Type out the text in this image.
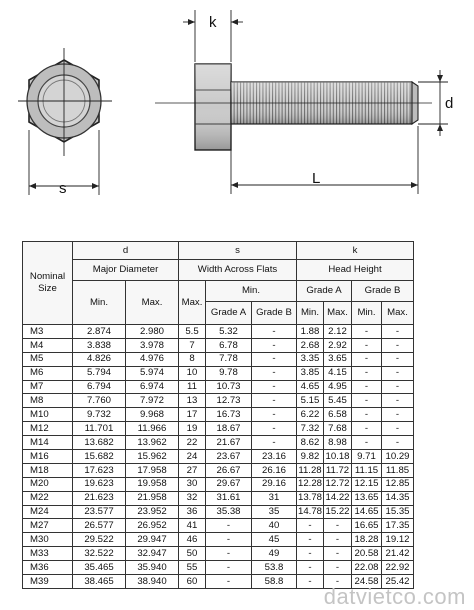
s
k
d
L
Nominal Size	d		s			k			
	Major Diameter		Width Across Flats			Head Height			
	Min.	Max.	Max.	Min.		Grade A		Grade B	
				Grade A	Grade B	Min.	Max.	Min.	Max.
M3	2.874	2.980	5.5	5.32	-	1.88	2.12	-	-
M4	3.838	3.978	7	6.78	-	2.68	2.92	-	-
M5	4.826	4.976	8	7.78	-	3.35	3.65	-	-
M6	5.794	5.974	10	9.78	-	3.85	4.15	-	-
M7	6.794	6.974	11	10.73	-	4.65	4.95	-	-
M8	7.760	7.972	13	12.73	-	5.15	5.45	-	-
M10	9.732	9.968	17	16.73	-	6.22	6.58	-	-
M12	11.701	11.966	19	18.67	-	7.32	7.68	-	-
M14	13.682	13.962	22	21.67	-	8.62	8.98	-	-
M16	15.682	15.962	24	23.67	23.16	9.82	10.18	9.71	10.29
M18	17.623	17.958	27	26.67	26.16	11.28	11.72	11.15	11.85
M20	19.623	19.958	30	29.67	29.16	12.28	12.72	12.15	12.85
M22	21.623	21.958	32	31.61	31	13.78	14.22	13.65	14.35
M24	23.577	23.952	36	35.38	35	14.78	15.22	14.65	15.35
M27	26.577	26.952	41	-	40	-	-	16.65	17.35
M30	29.522	29.947	46	-	45	-	-	18.28	19.12
M33	32.522	32.947	50	-	49	-	-	20.58	21.42
M36	35.465	35.940	55	-	53.8	-	-	22.08	22.92
M39	38.465	38.940	60	-	58.8	-	-	24.58	25.42
datvietco.com
